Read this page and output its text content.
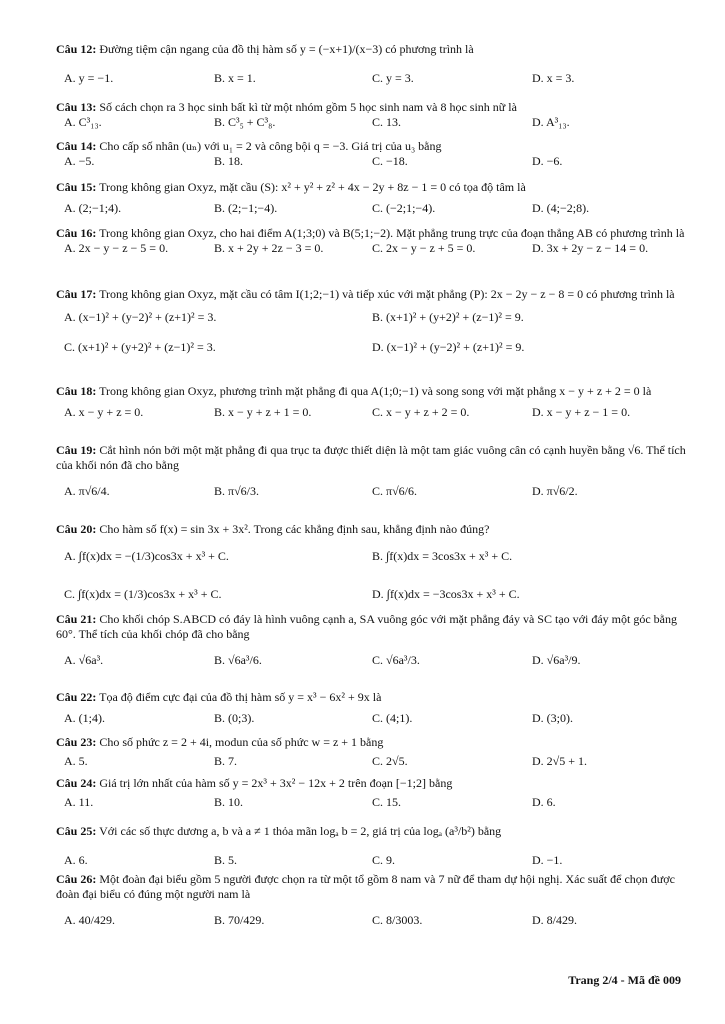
Câu 12: Đường tiệm cận ngang của đồ thị hàm số y = (−x+1)/(x−3) có phương trình là
A. y = −1.	B. x = 1.	C. y = 3.	D. x = 3.
Câu 13: Số cách chọn ra 3 học sinh bất kì từ một nhóm gồm 5 học sinh nam và 8 học sinh nữ là
A. C³₁₃.	B. C³₅ + C³₈.	C. 13.	D. A³₁₃.
Câu 14: Cho cấp số nhân (uₙ) với u₁ = 2 và công bội q = −3. Giá trị của u₃ bằng
A. −5.	B. 18.	C. −18.	D. −6.
Câu 15: Trong không gian Oxyz, mặt cầu (S): x² + y² + z² + 4x − 2y + 8z − 1 = 0 có tọa độ tâm là
A. (2;−1;4).	B. (2;−1;−4).	C. (−2;1;−4).	D. (4;−2;8).
Câu 16: Trong không gian Oxyz, cho hai điểm A(1;3;0) và B(5;1;−2). Mặt phẳng trung trực của đoạn thẳng AB có phương trình là
A. 2x − y − z − 5 = 0.	B. x + 2y + 2z − 3 = 0.	C. 2x − y − z + 5 = 0.	D. 3x + 2y − z − 14 = 0.
Câu 17: Trong không gian Oxyz, mặt cầu có tâm I(1;2;−1) và tiếp xúc với mặt phẳng (P): 2x − 2y − z − 8 = 0 có phương trình là
A. (x−1)² + (y−2)² + (z+1)² = 3.	B. (x+1)² + (y+2)² + (z−1)² = 9.
C. (x+1)² + (y+2)² + (z−1)² = 3.	D. (x−1)² + (y−2)² + (z+1)² = 9.
Câu 18: Trong không gian Oxyz, phương trình mặt phẳng đi qua A(1;0;−1) và song song với mặt phẳng x − y + z + 2 = 0 là
A. x − y + z = 0.	B. x − y + z + 1 = 0.	C. x − y + z + 2 = 0.	D. x − y + z − 1 = 0.
Câu 19: Cắt hình nón bởi một mặt phẳng đi qua trục ta được thiết diện là một tam giác vuông cân có cạnh huyền bằng √6. Thể tích của khối nón đã cho bằng
A. π√6/4.	B. π√6/3.	C. π√6/6.	D. π√6/2.
Câu 20: Cho hàm số f(x) = sin 3x + 3x². Trong các khẳng định sau, khẳng định nào đúng?
A. ∫f(x)dx = −(1/3)cos3x + x³ + C.	B. ∫f(x)dx = 3cos3x + x³ + C.
C. ∫f(x)dx = (1/3)cos3x + x³ + C.	D. ∫f(x)dx = −3cos3x + x³ + C.
Câu 21: Cho khối chóp S.ABCD có đáy là hình vuông cạnh a, SA vuông góc với mặt phẳng đáy và SC tạo với đáy một góc bằng 60°. Thể tích của khối chóp đã cho bằng
A. √6a³.	B. √6a³/6.	C. √6a³/3.	D. √6a³/9.
Câu 22: Tọa độ điểm cực đại của đồ thị hàm số y = x³ − 6x² + 9x là
A. (1;4).	B. (0;3).	C. (4;1).	D. (3;0).
Câu 23: Cho số phức z = 2 + 4i, modun của số phức w = z + 1 bằng
A. 5.	B. 7.	C. 2√5.	D. 2√5 + 1.
Câu 24: Giá trị lớn nhất của hàm số y = 2x³ + 3x² − 12x + 2 trên đoạn [−1;2] bằng
A. 11.	B. 10.	C. 15.	D. 6.
Câu 25: Với các số thực dương a, b và a ≠ 1 thỏa mãn logₐ b = 2, giá trị của logₐ (a³/b²) bằng
A. 6.	B. 5.	C. 9.	D. −1.
Câu 26: Một đoàn đại biểu gồm 5 người được chọn ra từ một tổ gồm 8 nam và 7 nữ để tham dự hội nghị. Xác suất để chọn được đoàn đại biểu có đúng một người nam là
A. 40/429.	B. 70/429.	C. 8/3003.	D. 8/429.
Trang 2/4 - Mã đề 009
